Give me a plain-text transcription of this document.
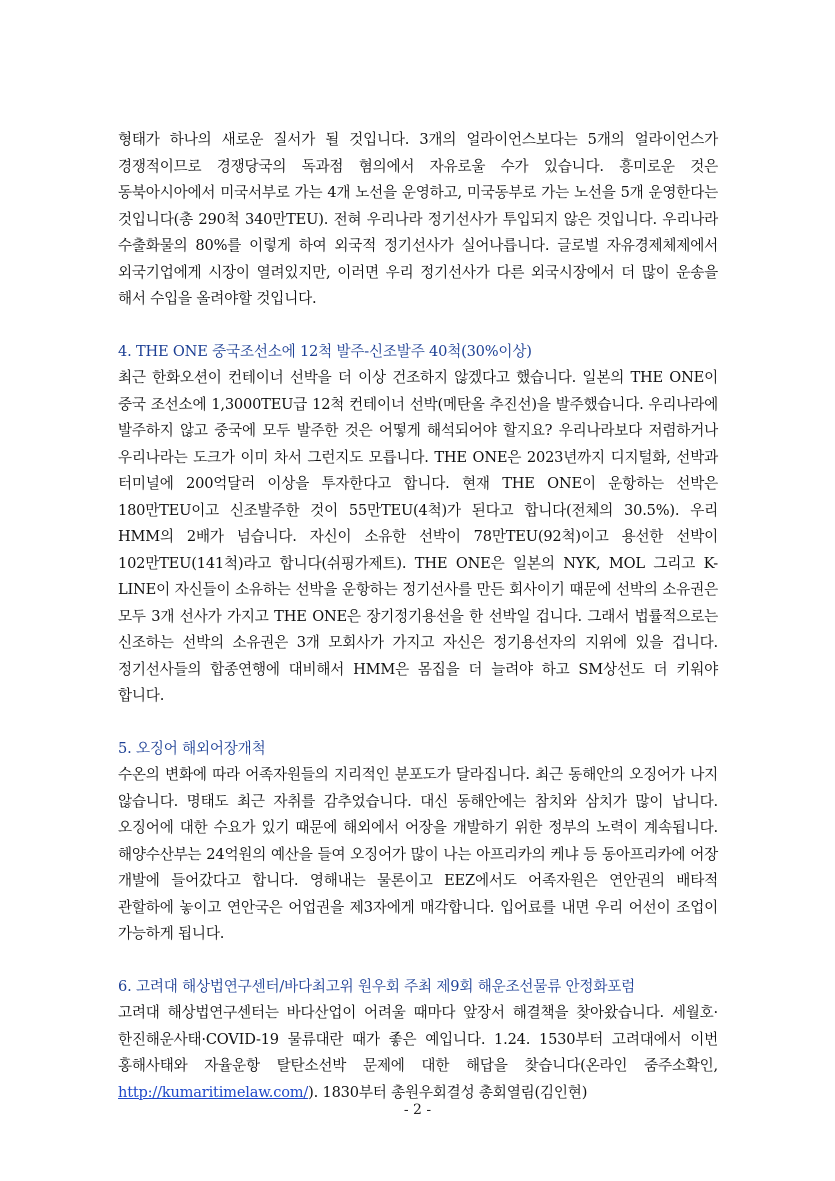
형태가 하나의 새로운 질서가 될 것입니다. 3개의 얼라이언스보다는 5개의 얼라이언스가 경쟁적이므로 경쟁당국의 독과점 혐의에서 자유로울 수가 있습니다. 흥미로운 것은 동북아시아에서 미국서부로 가는 4개 노선을 운영하고, 미국동부로 가는 노선을 5개 운영한다는 것입니다(총 290척 340만TEU). 전혀 우리나라 정기선사가 투입되지 않은 것입니다. 우리나라 수출화물의 80%를 이렇게 하여 외국적 정기선사가 실어나릅니다. 글로벌 자유경제체제에서 외국기업에게 시장이 열려있지만, 이러면 우리 정기선사가 다른 외국시장에서 더 많이 운송을 해서 수입을 올려야할 것입니다.

4. THE ONE 중국조선소에 12척 발주-신조발주 40척(30%이상)

최근 한화오션이 컨테이너 선박을 더 이상 건조하지 않겠다고 했습니다. 일본의 THE ONE이 중국 조선소에 1,3000TEU급 12척 컨테이너 선박(메탄올 추진선)을 발주했습니다. 우리나라에 발주하지 않고 중국에 모두 발주한 것은 어떻게 해석되어야 할지요? 우리나라보다 저렴하거나 우리나라는 도크가 이미 차서 그런지도 모릅니다. THE ONE은 2023년까지 디지털화, 선박과 터미널에 200억달러 이상을 투자한다고 합니다. 현재 THE ONE이 운항하는 선박은 180만TEU이고 신조발주한 것이 55만TEU(4척)가 된다고 합니다(전체의 30.5%). 우리 HMM의 2배가 넘습니다. 자신이 소유한 선박이 78만TEU(92척)이고 용선한 선박이 102만TEU(141척)라고 합니다(쉬핑가제트). THE ONE은 일본의 NYK, MOL 그리고 K-LINE이 자신들이 소유하는 선박을 운항하는 정기선사를 만든 회사이기 때문에 선박의 소유권은 모두 3개 선사가 가지고 THE ONE은 장기정기용선을 한 선박일 겁니다. 그래서 법률적으로는 신조하는 선박의 소유권은 3개 모회사가 가지고 자신은 정기용선자의 지위에 있을 겁니다. 정기선사들의 합종연행에 대비해서 HMM은 몸집을 더 늘려야 하고 SM상선도 더 키워야 합니다.

5. 오징어 해외어장개척

수온의 변화에 따라 어족자원들의 지리적인 분포도가 달라집니다. 최근 동해안의 오징어가 나지 않습니다. 명태도 최근 자취를 감추었습니다. 대신 동해안에는 참치와 삼치가 많이 납니다. 오징어에 대한 수요가 있기 때문에 해외에서 어장을 개발하기 위한 정부의 노력이 계속됩니다. 해양수산부는 24억원의 예산을 들여 오징어가 많이 나는 아프리카의 케냐 등 동아프리카에 어장 개발에 들어갔다고 합니다. 영해내는 물론이고 EEZ에서도 어족자원은 연안권의 배타적 관할하에 놓이고 연안국은 어업권을 제3자에게 매각합니다. 입어료를 내면 우리 어선이 조업이 가능하게 됩니다.

6. 고려대 해상법연구센터/바다최고위 원우회 주최 제9회 해운조선물류 안정화포럼

고려대 해상법연구센터는 바다산업이 어려울 때마다 앞장서 해결책을 찾아왔습니다. 세월호·한진해운사태·COVID-19 물류대란 때가 좋은 예입니다. 1.24. 1530부터 고려대에서 이번 홍해사태와 자율운항 탈탄소선박 문제에 대한 해답을 찾습니다(온라인 줌주소확인, http://kumaritimelaw.com/). 1830부터 총원우회결성 총회열림(김인현)

- 2 -
